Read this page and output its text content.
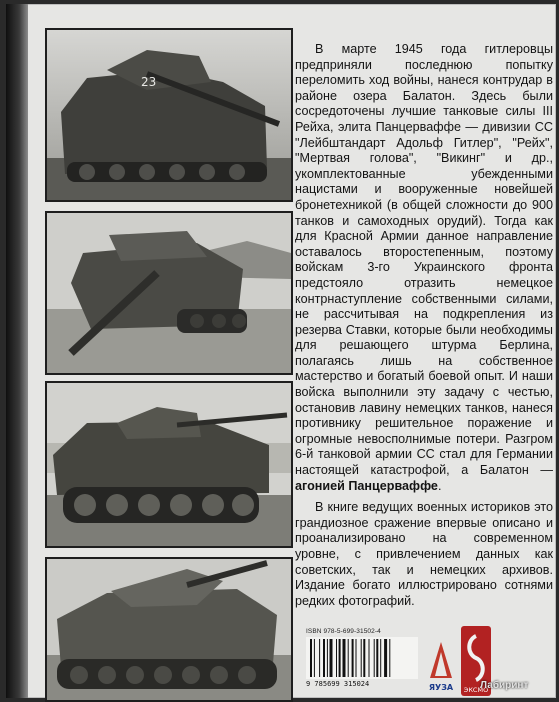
23

В марте 1945 года гитлеровцы предприняли последнюю попытку переломить ход войны, нанеся контрудар в районе озера Балатон. Здесь были сосредоточены лучшие танковые силы III Рейха, элита Панцерваффе — дивизии СС "Лейбштандарт Адольф Гитлер", "Рейх", "Мертвая голова", "Викинг" и др., укомплектованные убежденными нацистами и вооруженные новейшей бронетехникой (в общей сложности до 900 танков и самоходных орудий). Тогда как для Красной Армии данное направление оставалось второстепенным, поэтому войскам 3-го Украинского фронта предстояло отразить немецкое контрнаступление собственными силами, не рассчитывая на подкрепления из резерва Ставки, которые были необходимы для решающего штурма Берлина, полагаясь лишь на собственное мастерство и богатый боевой опыт. И наши войска выполнили эту задачу с честью, остановив лавину немецких танков, нанеся противнику решительное поражение и огромные невосполнимые потери. Разгром 6-й танковой армии СС стал для Германии настоящей катастрофой, а Балатон — агонией Панцерваффе.

В книге ведущих военных историков это грандиозное сражение впервые описано и проанализировано на современном уровне, с привлечением данных как советских, так и немецких архивов. Издание богато иллюстрировано сотнями редких фотографий.

ISBN 978-5-699-31502-4
9 785699 315024	ЯУЗА ЭКСМО
Лабиринт
